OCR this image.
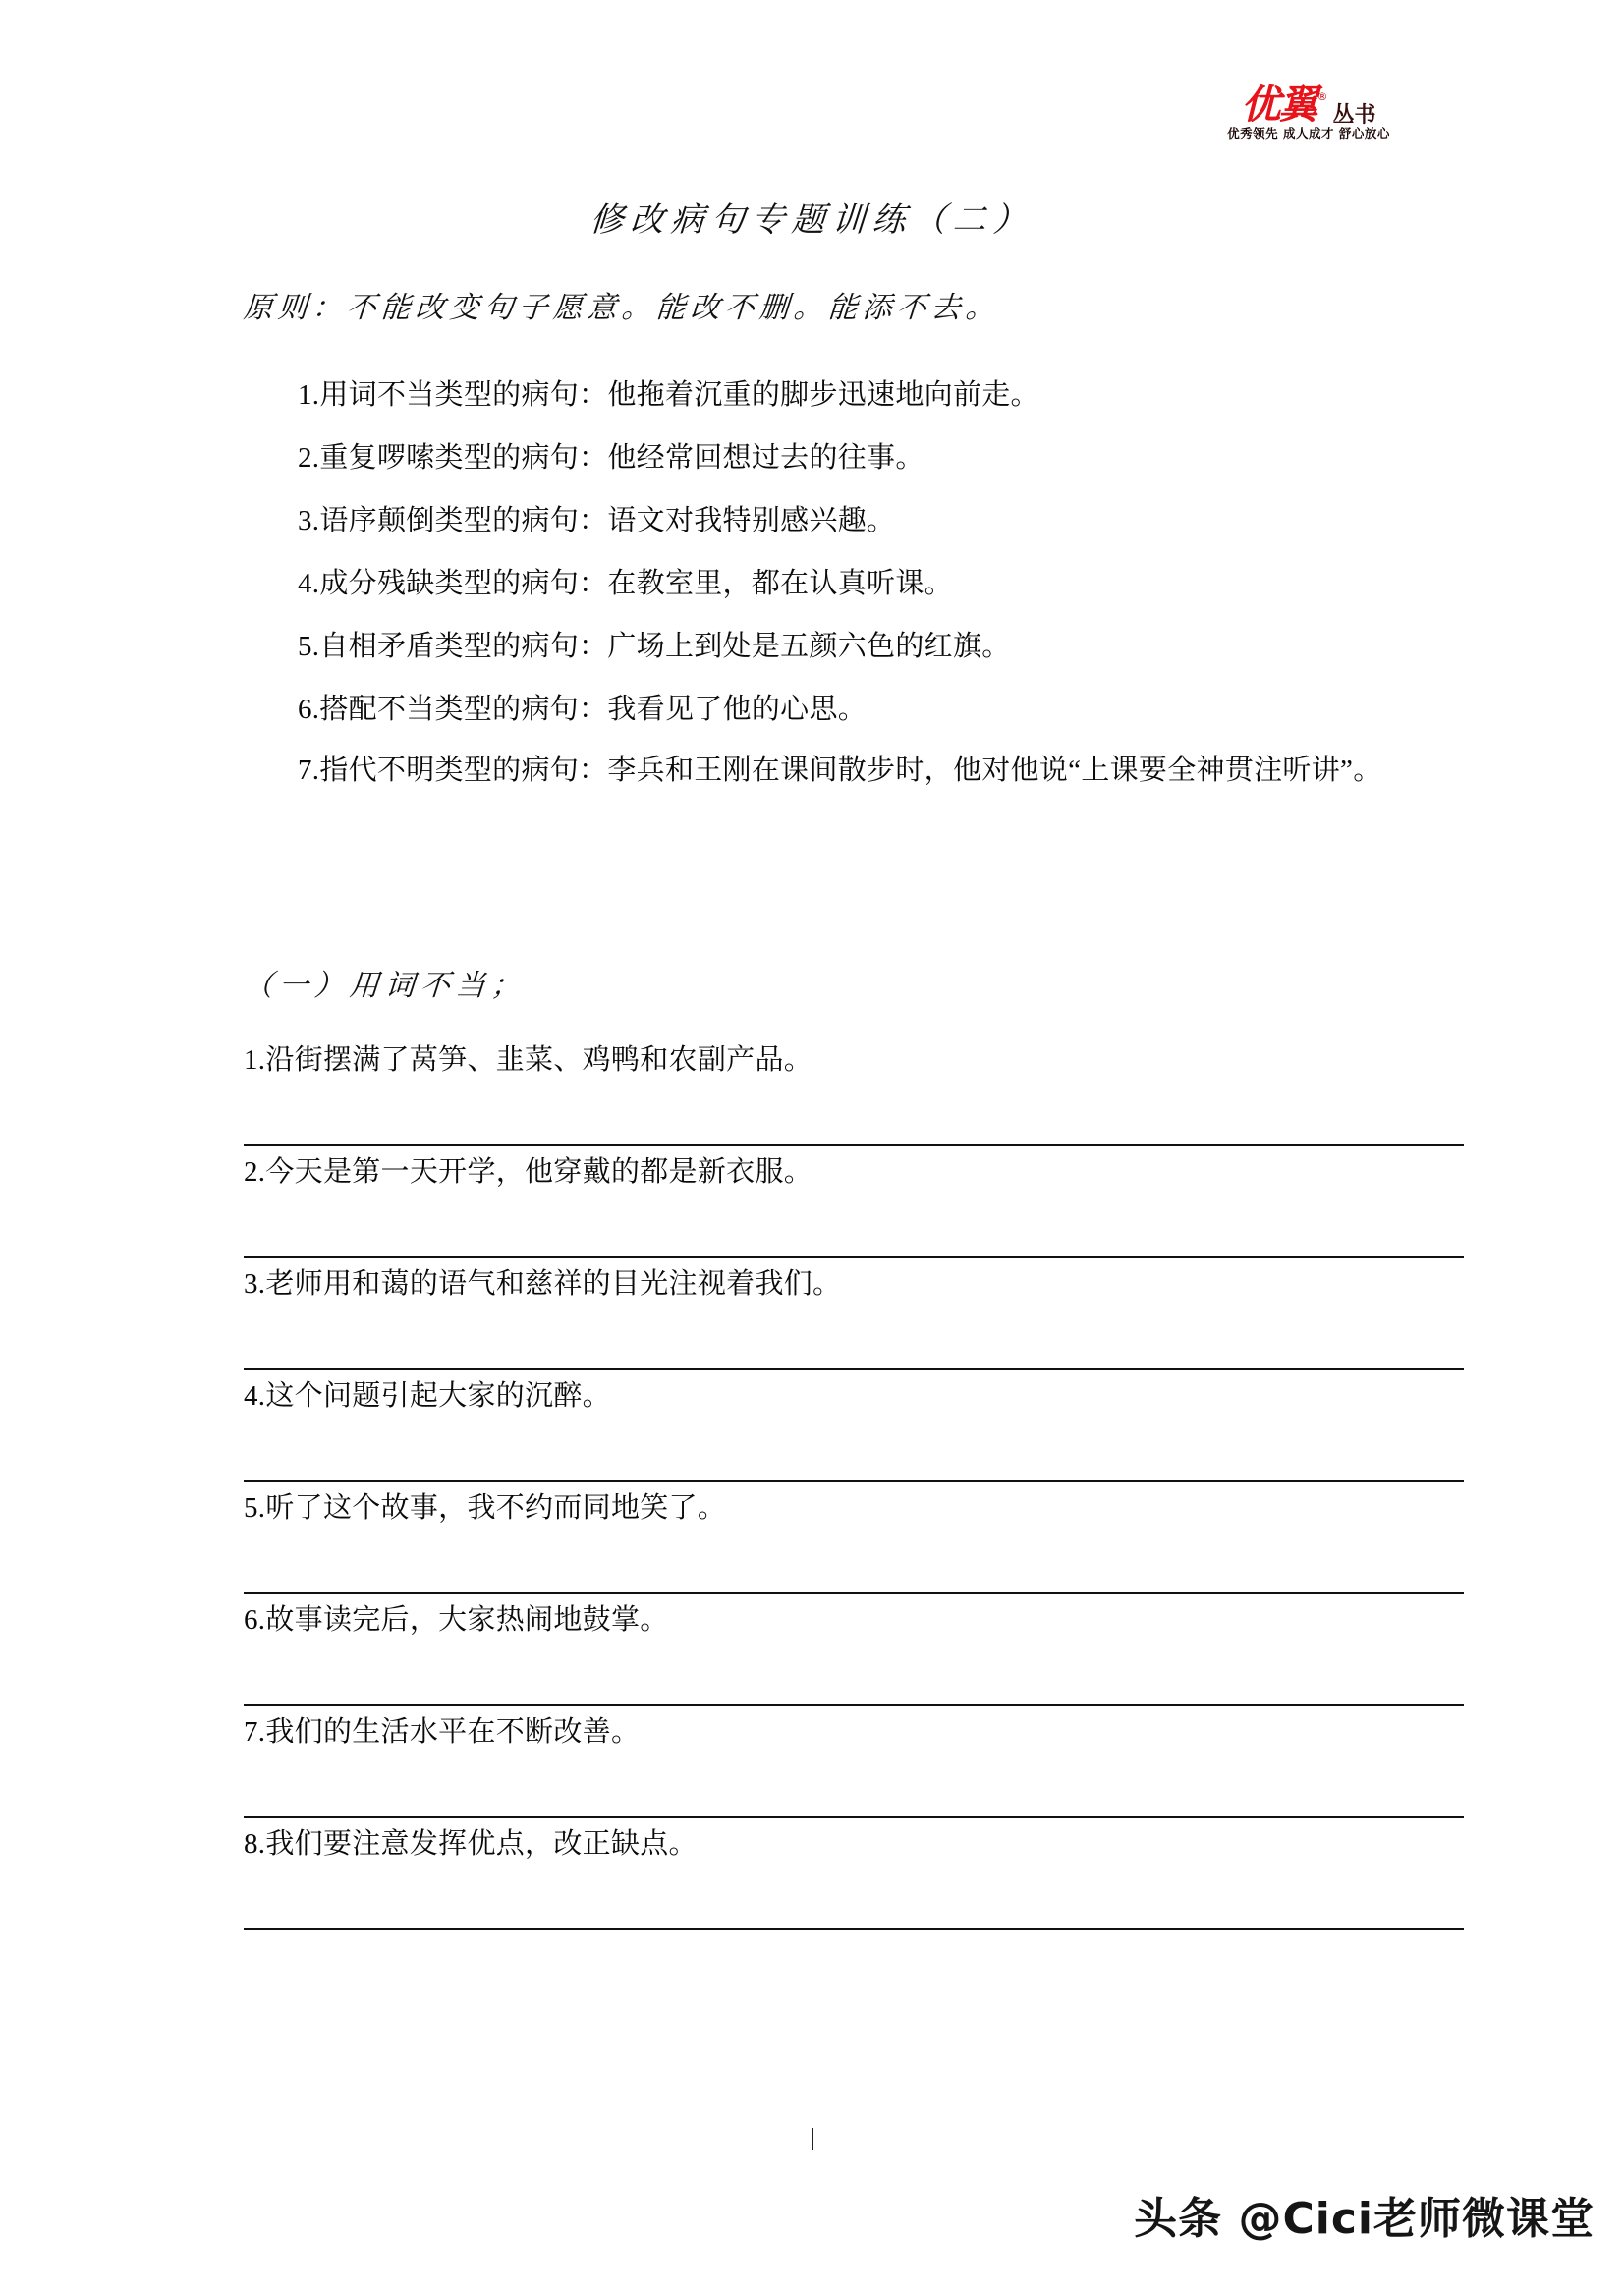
优翼 ®
丛书
优秀领先 成人成才 舒心放心
修改病句专题训练（二）
原则：不能改变句子愿意。能改不删。能添不去。
1.用词不当类型的病句：他拖着沉重的脚步迅速地向前走。
2.重复啰嗦类型的病句：他经常回想过去的往事。
3.语序颠倒类型的病句：语文对我特别感兴趣。
4.成分残缺类型的病句：在教室里，都在认真听课。
5.自相矛盾类型的病句：广场上到处是五颜六色的红旗。
6.搭配不当类型的病句：我看见了他的心思。
7.指代不明类型的病句：李兵和王刚在课间散步时，他对他说“上课要全神贯注听讲”。
（一）用词不当；
1.沿街摆满了莴笋、韭菜、鸡鸭和农副产品。
2.今天是第一天开学，他穿戴的都是新衣服。
3.老师用和蔼的语气和慈祥的目光注视着我们。
4.这个问题引起大家的沉醉。
5.听了这个故事，我不约而同地笑了。
6.故事读完后，大家热闹地鼓掌。
7.我们的生活水平在不断改善。
8.我们要注意发挥优点，改正缺点。
头条 @Cici老师微课堂
